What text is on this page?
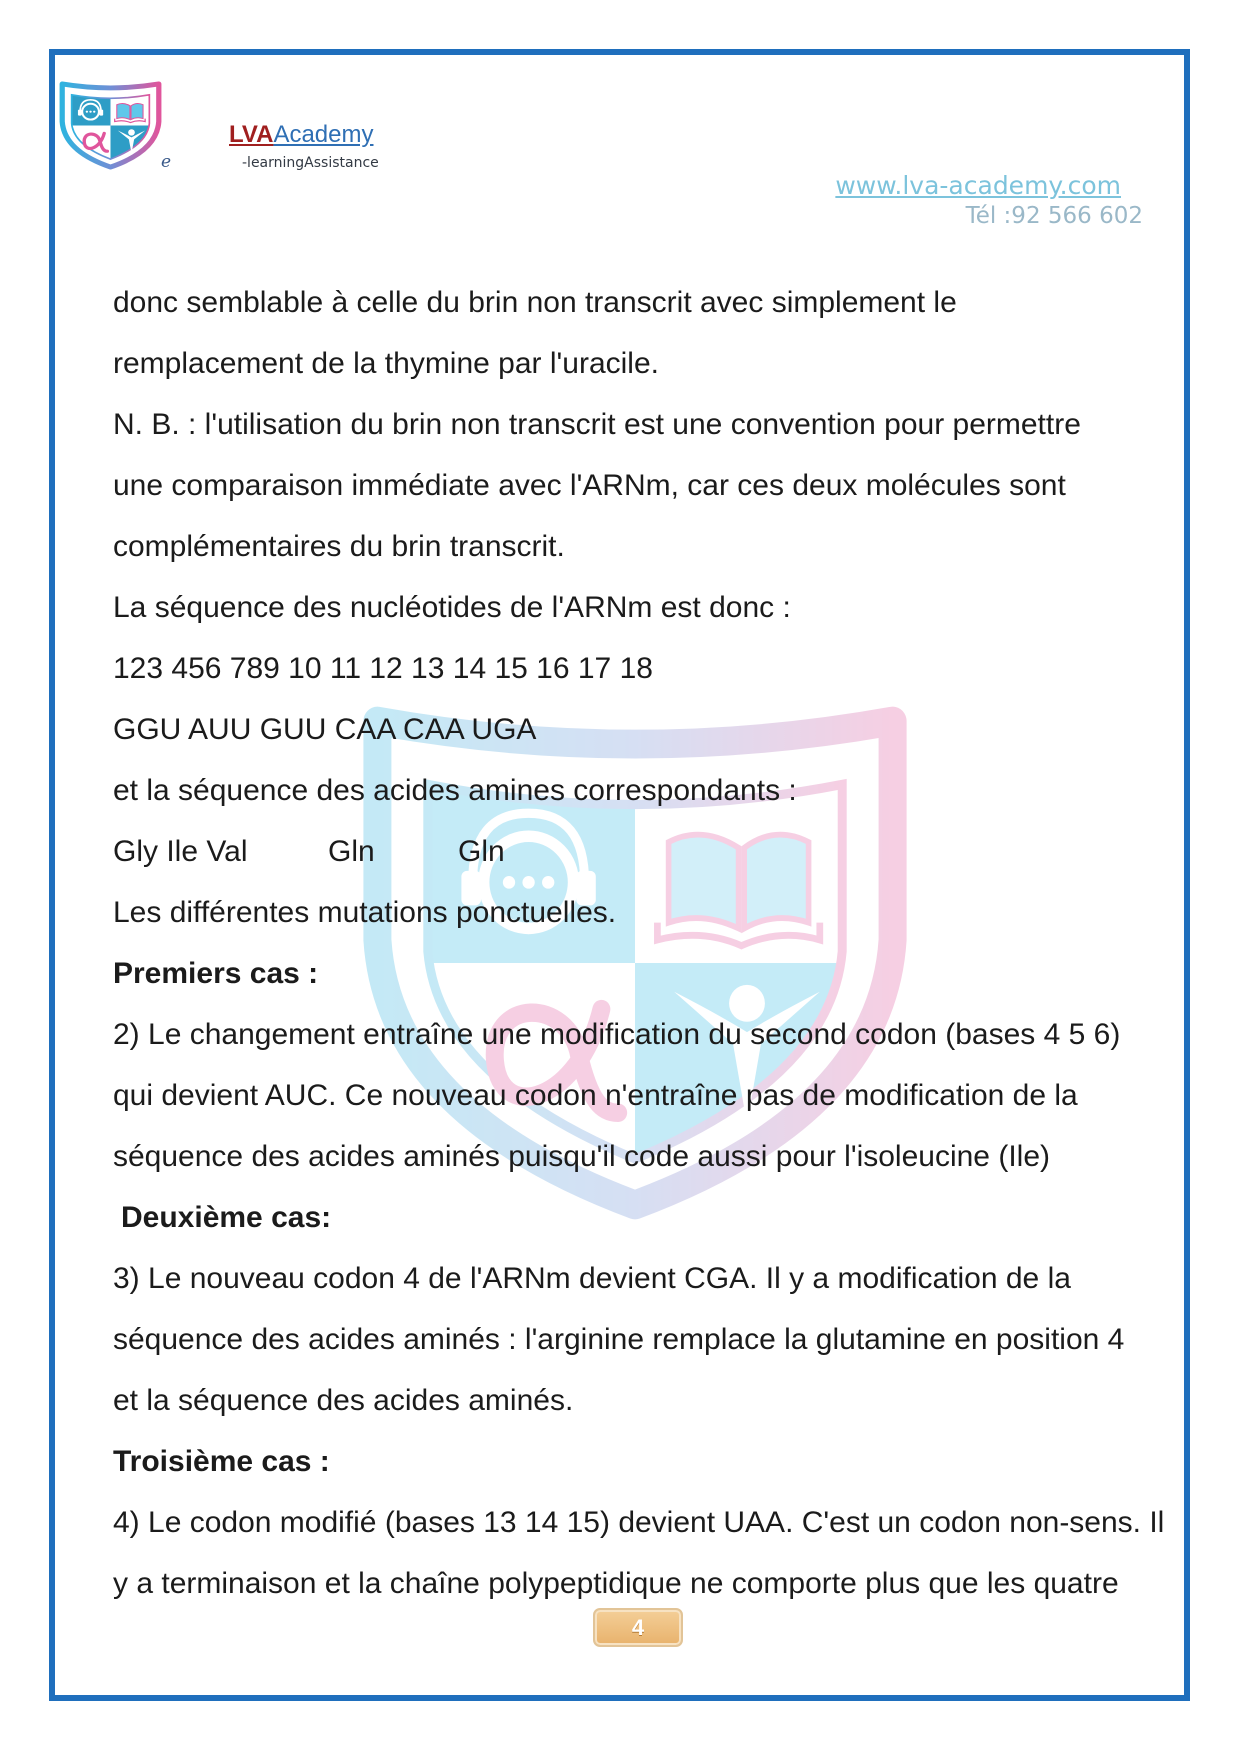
e
LVAAcademy
-learningAssistance
www.lva-academy.com
Tél :92 566 602
donc semblable à celle du brin non transcrit avec simplement le
remplacement de la thymine par l'uracile.
N. B. : l'utilisation du brin non transcrit est une convention pour permettre
une comparaison immédiate avec l'ARNm, car ces deux molécules sont
complémentaires du brin transcrit.
La séquence des nucléotides de l'ARNm est donc :
123 456 789 10 11 12 13 14 15 16 17 18
GGU AUU GUU CAA CAA UGA
et la séquence des acides amines correspondants :
Gly Ile Val	Gln	Gln
Les différentes mutations ponctuelles.
Premiers cas :
2) Le changement entraîne une modification du second codon (bases 4 5 6)
qui devient AUC. Ce nouveau codon n'entraîne pas de modification de la
séquence des acides aminés puisqu'il code aussi pour l'isoleucine (Ile)
Deuxième cas:
3) Le nouveau codon 4 de l'ARNm devient CGA. Il y a modification de la
séquence des acides aminés : l'arginine remplace la glutamine en position 4
et la séquence des acides aminés.
Troisième cas :
4) Le codon modifié (bases 13 14 15) devient UAA. C'est un codon non-sens. Il
y a terminaison et la chaîne polypeptidique ne comporte plus que les quatre
4
